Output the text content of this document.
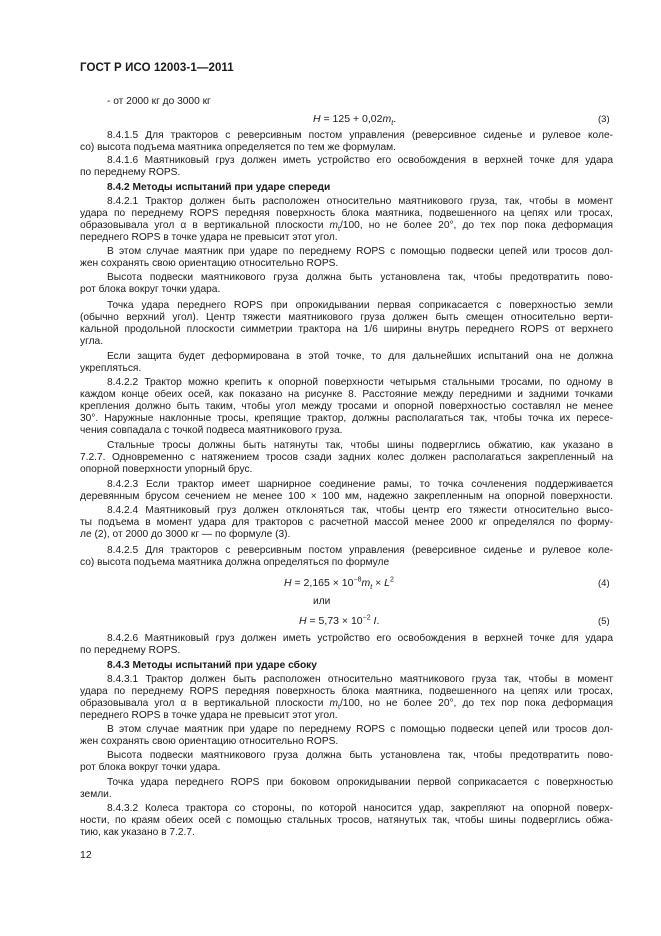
ГОСТ Р ИСО 12003-1—2011
- от 2000 кг до 3000 кг
$H = 125 + 0,02m_t$.	(3)
8.4.1.5 Для тракторов с реверсивным постом управления (реверсивное сиденье и рулевое коле-
со) высота подъема маятника определяется по тем же формулам.
8.4.1.6 Маятниковый груз должен иметь устройство его освобождения в верхней точке для удара
по переднему ROPS.
8.4.2 Методы испытаний при ударе спереди
8.4.2.1 Трактор должен быть расположен относительно маятникового груза, так, чтобы в момент
удара по переднему ROPS передняя поверхность блока маятника, подвешенного на цепях или тросах,
образовывала угол α в вертикальной плоскости $m_t/100$, но не более 20°, до тех пор пока деформация
переднего ROPS в точке удара не превысит этот угол.
В этом случае маятник при ударе по переднему ROPS с помощью подвески цепей или тросов дол-
жен сохранять свою ориентацию относительно ROPS.
Высота подвески маятникового груза должна быть установлена так, чтобы предотвратить пово-
рот блока вокруг точки удара.
Точка удара переднего ROPS при опрокидывании первая соприкасается с поверхностью земли
(обычно верхний угол). Центр тяжести маятникового груза должен быть смещен относительно верти-
кальной продольной плоскости симметрии трактора на 1/6 ширины внутрь переднего ROPS от верхнего
угла.
Если защита будет деформирована в этой точке, то для дальнейших испытаний она не должна
укрепляться.
8.4.2.2 Трактор можно крепить к опорной поверхности четырьмя стальными тросами, по одному в
каждом конце обеих осей, как показано на рисунке 8. Расстояние между передними и задними точками
крепления должно быть таким, чтобы угол между тросами и опорной поверхностью составлял не менее
30°. Наружные наклонные тросы, крепящие трактор, должны располагаться так, чтобы точка их пересе-
чения совпадала с точкой подвеса маятникового груза.
Стальные тросы должны быть натянуты так, чтобы шины подверглись обжатию, как указано в
7.2.7. Одновременно с натяжением тросов сзади задних колес должен располагаться закрепленный на
опорной поверхности упорный брус.
8.4.2.3 Если трактор имеет шарнирное соединение рамы, то точка сочленения поддерживается
деревянным брусом сечением не менее 100 × 100 мм, надежно закрепленным на опорной поверхности.
8.4.2.4 Маятниковый груз должен отклоняться так, чтобы центр его тяжести относительно высо-
ты подъема в момент удара для тракторов с расчетной массой менее 2000 кг определялся по форму-
ле (2), от 2000 до 3000 кг — по формуле (3).
8.4.2.5 Для тракторов с реверсивным постом управления (реверсивное сиденье и рулевое коле-
со) высота подъема маятника должна определяться по формуле
$H = 2,165 \times 10^{-8}m_t \times L^2$	(4)
или
$H = 5,73 \times 10^{-2}$ I.	(5)
8.4.2.6 Маятниковый груз должен иметь устройство его освобождения в верхней точке для удара
по переднему ROPS.
8.4.3 Методы испытаний при ударе сбоку
8.4.3.1 Трактор должен быть расположен относительно маятникового груза так, чтобы в момент
удара по переднему ROPS передняя поверхность блока маятника, подвешенного на цепях или тросах,
образовывала угол α в вертикальной плоскости $m_t/100$, но не более 20°, до тех пор пока деформация
переднего ROPS в точке удара не превысит этот угол.
В этом случае маятник при ударе по переднему ROPS с помощью подвески цепей или тросов дол-
жен сохранять свою ориентацию относительно ROPS.
Высота подвески маятникового груза должна быть установлена так, чтобы предотвратить пово-
рот блока вокруг точки удара.
Точка удара переднего ROPS при боковом опрокидывании первой соприкасается с поверхностью
земли.
8.4.3.2 Колеса трактора со стороны, по которой наносится удар, закрепляют на опорной поверх-
ности, по краям обеих осей с помощью стальных тросов, натянутых так, чтобы шины подверглись обжа-
тию, как указано в 7.2.7.
12
